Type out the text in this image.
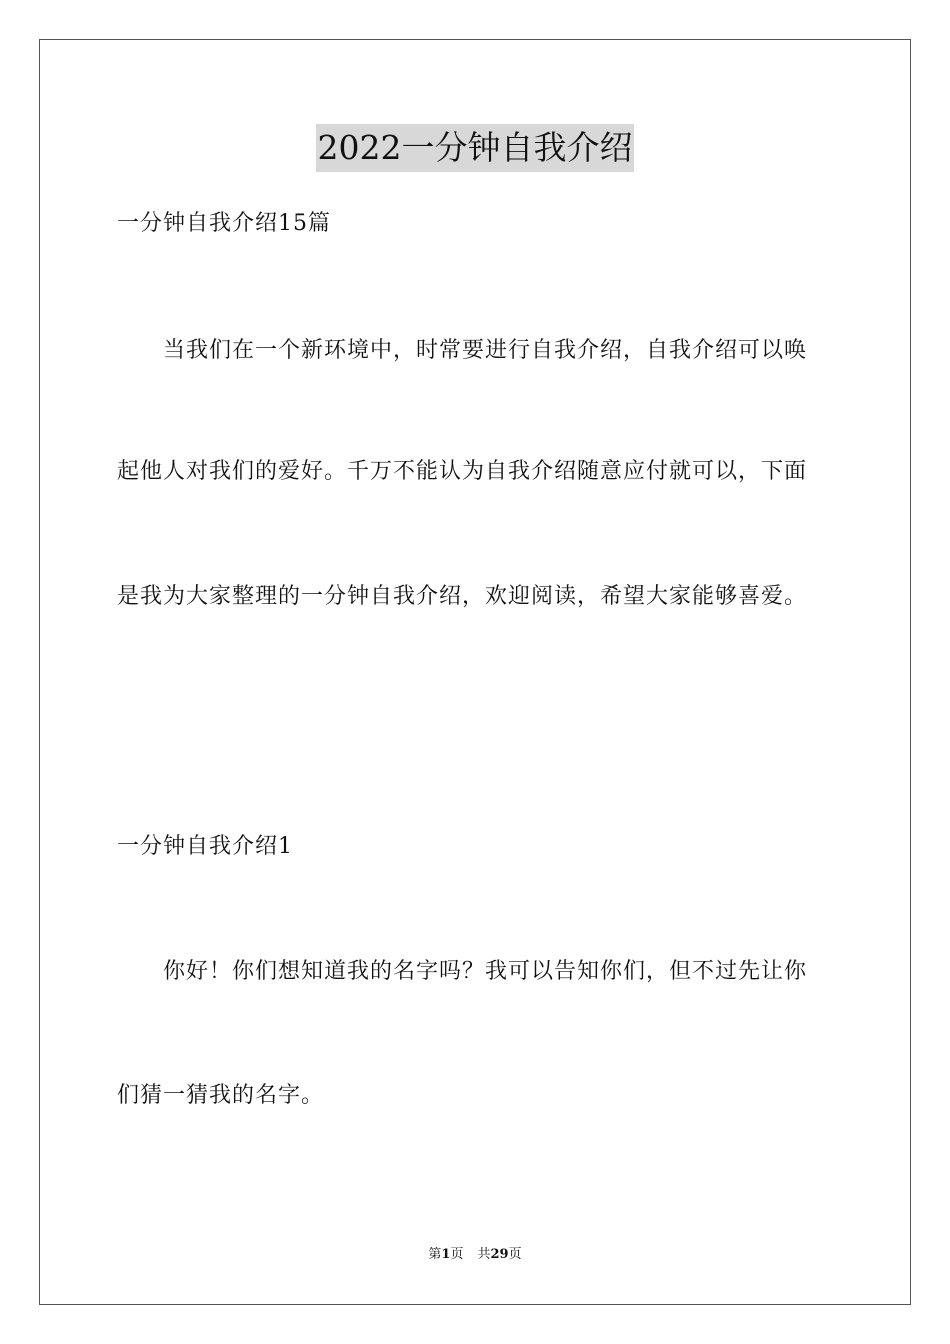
2022一分钟自我介绍
一分钟自我介绍15篇
当我们在一个新环境中，时常要进行自我介绍，自我介绍可以唤
起他人对我们的爱好。千万不能认为自我介绍随意应付就可以，下面
是我为大家整理的一分钟自我介绍，欢迎阅读，希望大家能够喜爱。
一分钟自我介绍1
你好！你们想知道我的名字吗？我可以告知你们，但不过先让你
们猜一猜我的名字。
第1页 共29页
